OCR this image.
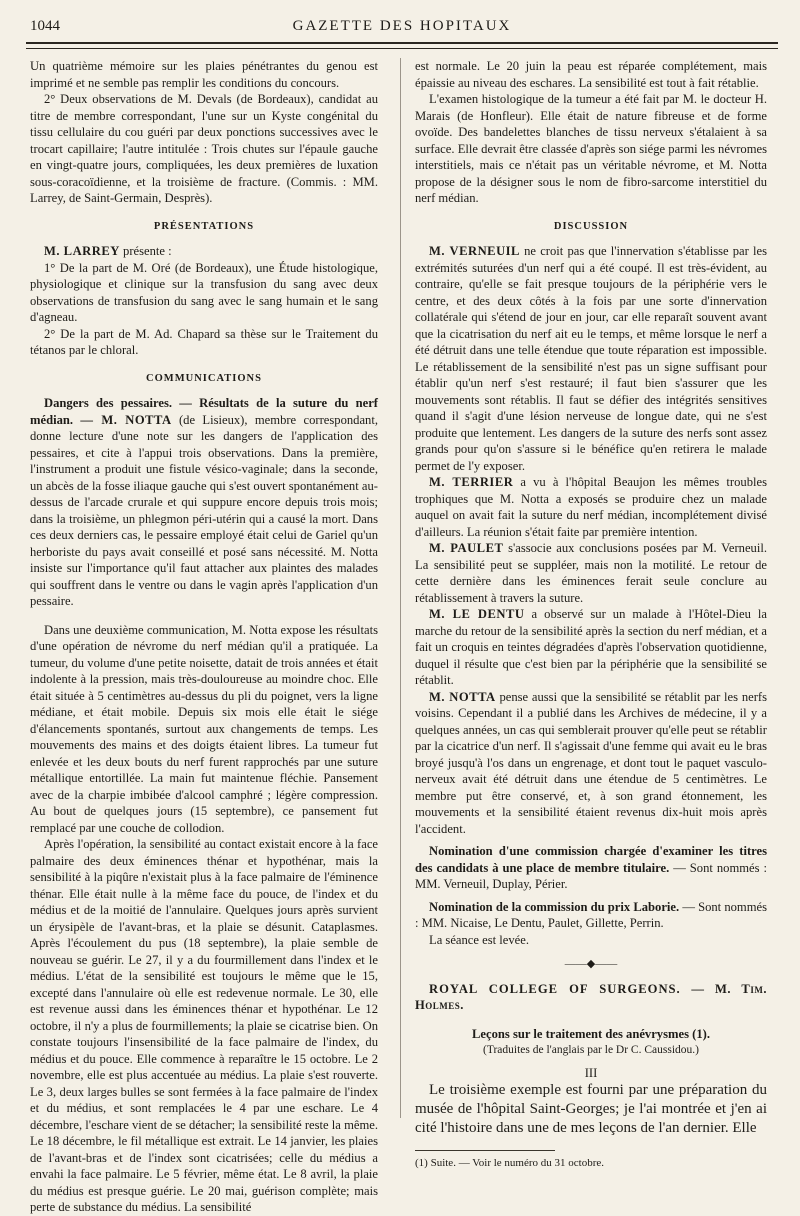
1044	GAZETTE DES HOPITAUX

Un quatrième mémoire sur les plaies pénétrantes du genou est imprimé et ne semble pas remplir les conditions du concours.

2° Deux observations de M. Devals (de Bordeaux), candidat au titre de membre correspondant, l'une sur un Kyste congénital du tissu cellulaire du cou guéri par deux ponctions successives avec le trocart capillaire; l'autre intitulée : Trois chutes sur l'épaule gauche en vingt-quatre jours, compliquées, les deux premières de luxation sous-coracoïdienne, et la troisième de fracture. (Commis. : MM. Larrey, de Saint-Germain, Desprès).

PRÉSENTATIONS

M. LARREY présente :

1° De la part de M. Oré (de Bordeaux), une Étude histologique, physiologique et clinique sur la transfusion du sang avec deux observations de transfusion du sang avec le sang humain et le sang d'agneau.

2° De la part de M. Ad. Chapard sa thèse sur le Traitement du tétanos par le chloral.

COMMUNICATIONS

Dangers des pessaires. — Résultats de la suture du nerf médian. — M. NOTTA (de Lisieux), membre correspondant, donne lecture d'une note sur les dangers de l'application des pessaires, et cite à l'appui trois observations. Dans la première, l'instrument a produit une fistule vésico-vaginale; dans la seconde, un abcès de la fosse iliaque gauche qui s'est ouvert spontanément au-dessus de l'arcade crurale et qui suppure encore depuis trois mois; dans la troisième, un phlegmon péri-utérin qui a causé la mort. Dans ces deux derniers cas, le pessaire employé était celui de Gariel qu'un herboriste du pays avait conseillé et posé sans nécessité. M. Notta insiste sur l'importance qu'il faut attacher aux plaintes des malades qui souffrent dans le ventre ou dans le vagin après l'application d'un pessaire.

Dans une deuxième communication, M. Notta expose les résultats d'une opération de névrome du nerf médian qu'il a pratiquée. La tumeur, du volume d'une petite noisette, datait de trois années et était indolente à la pression, mais très-douloureuse au moindre choc. Elle était située à 5 centimètres au-dessus du pli du poignet, vers la ligne médiane, et était mobile. Depuis six mois elle était le siége d'élancements spontanés, surtout aux changements de temps. Les mouvements des mains et des doigts étaient libres. La tumeur fut enlevée et les deux bouts du nerf furent rapprochés par une suture métallique entortillée. La main fut maintenue fléchie. Pansement avec de la charpie imbibée d'alcool camphré ; légère compression. Au bout de quelques jours (15 septembre), ce pansement fut remplacé par une couche de collodion.

Après l'opération, la sensibilité au contact existait encore à la face palmaire des deux éminences thénar et hypothénar, mais la sensibilité à la piqûre n'existait plus à la face palmaire de l'éminence thénar. Elle était nulle à la même face du pouce, de l'index et du médius et de la moitié de l'annulaire. Quelques jours après survient un érysipèle de l'avant-bras, et la plaie se désunit. Cataplasmes. Après l'écoulement du pus (18 septembre), la plaie semble de nouveau se guérir. Le 27, il y a du fourmillement dans l'index et le médius. L'état de la sensibilité est toujours le même que le 15, excepté dans l'annulaire où elle est redevenue normale. Le 30, elle est revenue aussi dans les éminences thénar et hypothénar. Le 12 octobre, il n'y a plus de fourmillements; la plaie se cicatrise bien. On constate toujours l'insensibilité de la face palmaire de l'index, du médius et du pouce. Elle commence à reparaître le 15 octobre. Le 2 novembre, elle est plus accentuée au médius. La plaie s'est rouverte. Le 3, deux larges bulles se sont fermées à la face palmaire de l'index et du médius, et sont remplacées le 4 par une eschare. Le 4 décembre, l'eschare vient de se détacher; la sensibilité reste la même. Le 18 décembre, le fil métallique est extrait. Le 14 janvier, les plaies de l'avant-bras et de l'index sont cicatrisées; celle du médius a envahi la face palmaire. Le 5 février, même état. Le 8 avril, la plaie du médius est presque guérie. Le 20 mai, guérison complète; mais perte de substance du médius. La sensibilité

est normale. Le 20 juin la peau est réparée complétement, mais épaissie au niveau des eschares. La sensibilité est tout à fait rétablie.

L'examen histologique de la tumeur a été fait par M. le docteur H. Marais (de Honfleur). Elle était de nature fibreuse et de forme ovoïde. Des bandelettes blanches de tissu nerveux s'étalaient à sa surface. Elle devrait être classée d'après son siége parmi les névromes interstitiels, mais ce n'était pas un véritable névrome, et M. Notta propose de la désigner sous le nom de fibro-sarcome interstitiel du nerf médian.

DISCUSSION

M. VERNEUIL ne croit pas que l'innervation s'établisse par les extrémités suturées d'un nerf qui a été coupé. Il est très-évident, au contraire, qu'elle se fait presque toujours de la périphérie vers le centre, et des deux côtés à la fois par une sorte d'innervation collatérale qui s'étend de jour en jour, car elle reparaît souvent avant que la cicatrisation du nerf ait eu le temps, et même lorsque le nerf a été détruit dans une telle étendue que toute réparation est impossible. Le rétablissement de la sensibilité n'est pas un signe suffisant pour établir qu'un nerf s'est restauré; il faut bien s'assurer que les mouvements sont rétablis. Il faut se défier des intégrités sensitives quand il s'agit d'une lésion nerveuse de longue date, qui ne s'est produite que lentement. Les dangers de la suture des nerfs sont assez grands pour qu'on s'assure si le bénéfice qu'en retirera le malade permet de l'y exposer.

M. TERRIER a vu à l'hôpital Beaujon les mêmes troubles trophiques que M. Notta a exposés se produire chez un malade auquel on avait fait la suture du nerf médian, incomplétement divisé d'ailleurs. La réunion s'était faite par première intention.

M. PAULET s'associe aux conclusions posées par M. Verneuil. La sensibilité peut se suppléer, mais non la motilité. Le retour de cette dernière dans les éminences ferait seule conclure au rétablissement à travers la suture.

M. LE DENTU a observé sur un malade à l'Hôtel-Dieu la marche du retour de la sensibilité après la section du nerf médian, et a fait un croquis en teintes dégradées d'après l'observation quotidienne, duquel il résulte que c'est bien par la périphérie que la sensibilité se rétablit.

M. NOTTA pense aussi que la sensibilité se rétablit par les nerfs voisins. Cependant il a publié dans les Archives de médecine, il y a quelques années, un cas qui semblerait prouver qu'elle peut se rétablir par la cicatrice d'un nerf. Il s'agissait d'une femme qui avait eu le bras broyé jusqu'à l'os dans un engrenage, et dont tout le paquet vasculo-nerveux avait été détruit dans une étendue de 5 centimètres. Le membre put être conservé, et, à son grand étonnement, les mouvements et la sensibilité étaient revenus dix-huit mois après l'accident.

Nomination d'une commission chargée d'examiner les titres des candidats à une place de membre titulaire. — Sont nommés : MM. Verneuil, Duplay, Périer.

Nomination de la commission du prix Laborie. — Sont nommés : MM. Nicaise, Le Dentu, Paulet, Gillette, Perrin.

La séance est levée.

——◆——

ROYAL COLLEGE OF SURGEONS. — M. Tim. Holmes.

Leçons sur le traitement des anévrysmes (1).

(Traduites de l'anglais par le Dr C. Caussidou.)

III

Le troisième exemple est fourni par une préparation du musée de l'hôpital Saint-Georges; je l'ai montrée et j'en ai cité l'histoire dans une de mes leçons de l'an dernier. Elle

(1) Suite. — Voir le numéro du 31 octobre.
